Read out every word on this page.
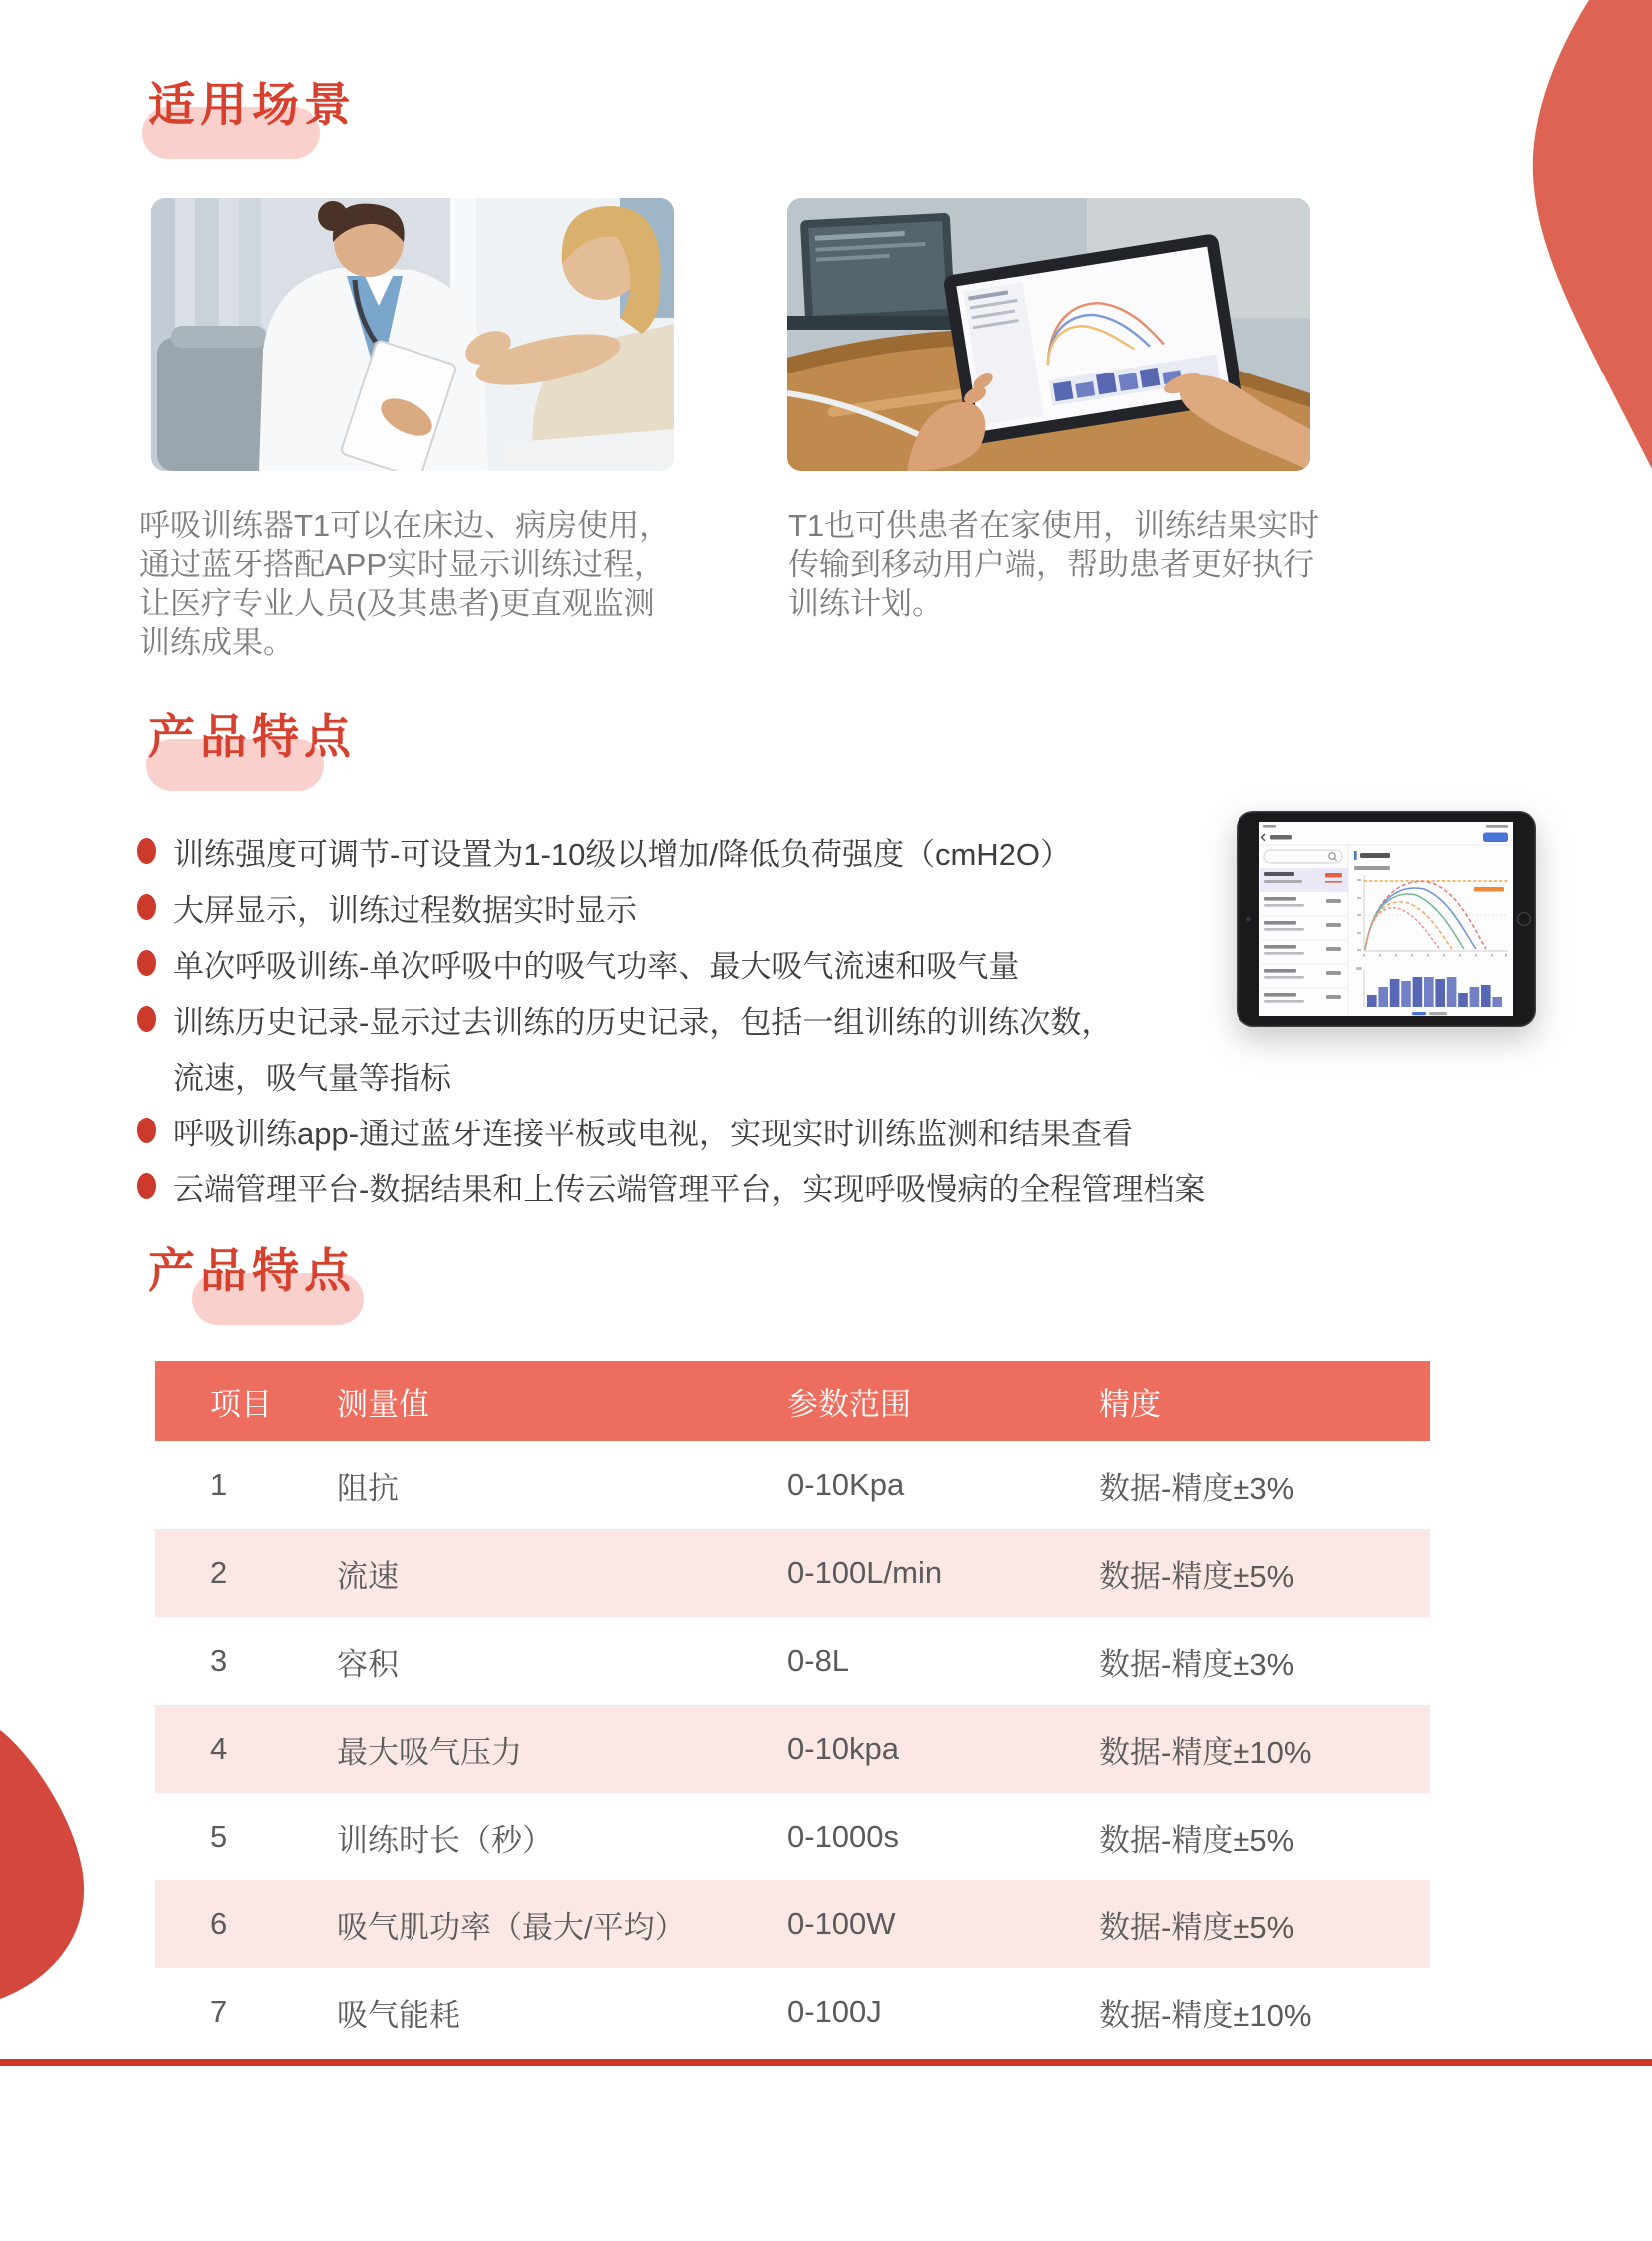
适用场景
呼吸训练器T1可以在床边、病房使用，
通过蓝牙搭配APP实时显示训练过程，
让医疗专业人员(及其患者)更直观监测
训练成果。
T1也可供患者在家使用，训练结果实时
传输到移动用户端，帮助患者更好执行
训练计划。
产品特点
训练强度可调节-可设置为1-10级以增加/降低负荷强度（cmH2O）
大屏显示，训练过程数据实时显示
单次呼吸训练-单次呼吸中的吸气功率、最大吸气流速和吸气量
训练历史记录-显示过去训练的历史记录，包括一组训练的训练次数，
流速，吸气量等指标
呼吸训练app-通过蓝牙连接平板或电视，实现实时训练监测和结果查看
云端管理平台-数据结果和上传云端管理平台，实现呼吸慢病的全程管理档案
产品特点
项目	测量值	参数范围	精度
1	阻抗	0-10Kpa	数据-精度±3%
2	流速	0-100L/min	数据-精度±5%
3	容积	0-8L	数据-精度±3%
4	最大吸气压力	0-10kpa	数据-精度±10%
5	训练时长（秒）	0-1000s	数据-精度±5%
6	吸气肌功率（最大/平均）	0-100W	数据-精度±5%
7	吸气能耗	0-100J	数据-精度±10%
